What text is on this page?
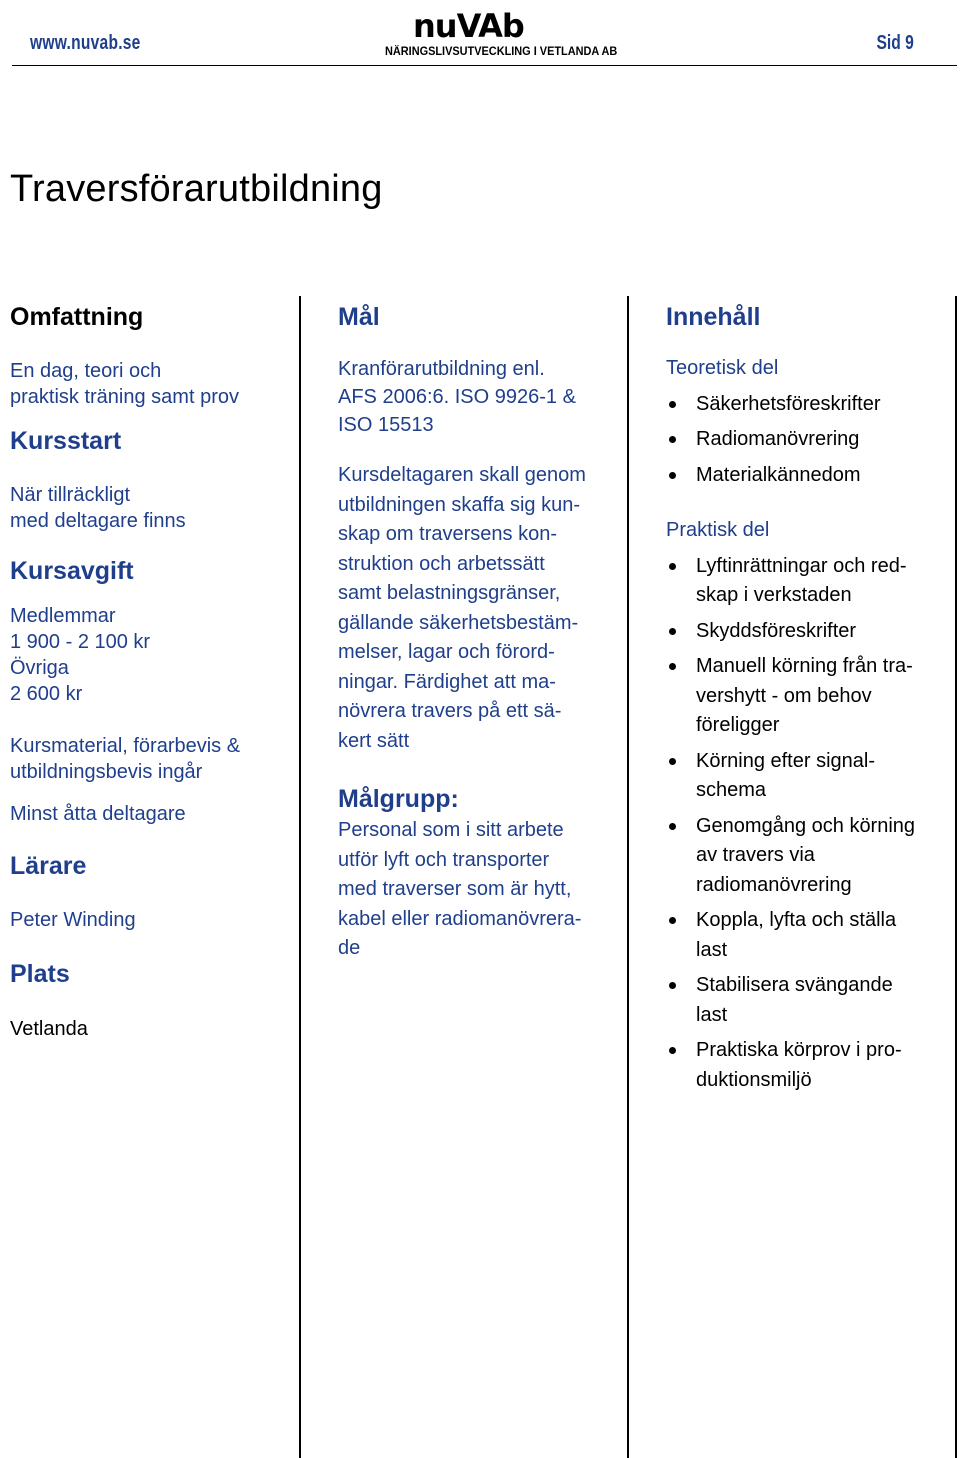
www.nuvab.se	nuVAb
NÄRINGSLIVSUTVECKLING I VETLANDA AB	Sid 9
Traversförarutbildning
Omfattning

En dag, teori och

praktisk träning samt prov

Kursstart

När tillräckligt

med deltagare finns

Kursavgift

Medlemmar

1 900 - 2 100 kr

Övriga

2 600 kr

Kursmaterial, förarbevis &

utbildningsbevis ingår

Minst åtta deltagare

Lärare

Peter Winding

Plats

Vetlanda

Mål

Kranförarutbildning enl.

AFS 2006:6. ISO 9926-1 &

ISO 15513

Kursdeltagaren skall genom

utbildningen skaffa sig kun-

skap om traversens kon-

struktion och arbetssätt

samt belastningsgränser,

gällande säkerhetsbestäm-

melser, lagar och förord-

ningar. Färdighet att ma-

növrera travers på ett sä-

kert sätt

Målgrupp:

Personal som i sitt arbete

utför lyft och transporter

med traverser som är hytt,

kabel eller radiomanövrera-

de

Innehåll

Teoretisk del

Säkerhetsföreskrifter
Radiomanövrering
Materialkännedom

Praktisk del

Lyftinrättningar och red-
skap i verkstaden
Skyddsföreskrifter
Manuell körning från tra-
vershytt - om behov
föreligger
Körning efter signal-
schema
Genomgång och körning
av travers via
radiomanövrering
Koppla, lyfta och ställa
last
Stabilisera svängande
last
Praktiska körprov i pro-
duktionsmiljö
